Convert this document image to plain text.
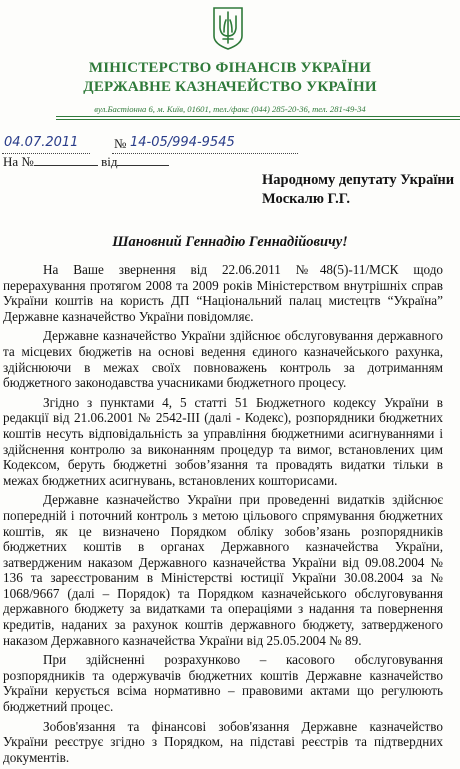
МІНІСТЕРСТВО ФІНАНСІВ УКРАЇНИ
ДЕРЖАВНЕ КАЗНАЧЕЙСТВО УКРАЇНИ
вул.Бастіонна 6, м. Київ, 01601, тел./факс (044) 285-20-36, тел. 281-49-34
04.07.2011	№ 14-05/994-9545
На №	від
Народному депутату України
Москалю Г.Г.
Шановний Геннадію Геннадійовичу!

На Ваше звернення від 22.06.2011 №48(5)-11/МСК щодо перерахування протягом 2008 та 2009 років Міністерством внутрішніх справ України коштів на користь ДП “Національний палац мистецтв “Україна” Державне казначейство України повідомляє.

Державне казначейство України здійснює обслуговування державного та місцевих бюджетів на основі ведення єдиного казначейського рахунка, здійснюючи в межах своїх повноважень контроль за дотриманням бюджетного законодавства учасниками бюджетного процесу.

Згідно з пунктами 4, 5 статті 51 Бюджетного кодексу України в редакції від 21.06.2001 № 2542-ІІІ (далі - Кодекс), розпорядники бюджетних коштів несуть відповідальність за управління бюджетними асигнуваннями і здійснення контролю за виконанням процедур та вимог, встановлених цим Кодексом, беруть бюджетні зобов’язання та провадять видатки тільки в межах бюджетних асигнувань, встановлених кошторисами.

Державне казначейство України при проведенні видатків здійснює попередній і поточний контроль з метою цільового спрямування бюджетних коштів, як це визначено Порядком обліку зобов’язань розпорядників бюджетних коштів в органах Державного казначейства України, затвердженим наказом Державного казначейства України від 09.08.2004 № 136 та зареєстрованим в Міністерстві юстиції України 30.08.2004 за № 1068/9667 (далі – Порядок) та Порядком казначейського обслуговування державного бюджету за видатками та операціями з надання та повернення кредитів, наданих за рахунок коштів державного бюджету, затвердженого наказом Державного казначейства України від 25.05.2004 № 89.

При здійсненні розрахунково – касового обслуговування розпорядників та одержувачів бюджетних коштів Державне казначейство України керується всіма нормативно – правовими актами що регулюють бюджетний процес.

Зобов'язання та фінансові зобов'язання Державне казначейство України реєструє згідно з Порядком, на підставі реєстрів та підтвердних документів.
